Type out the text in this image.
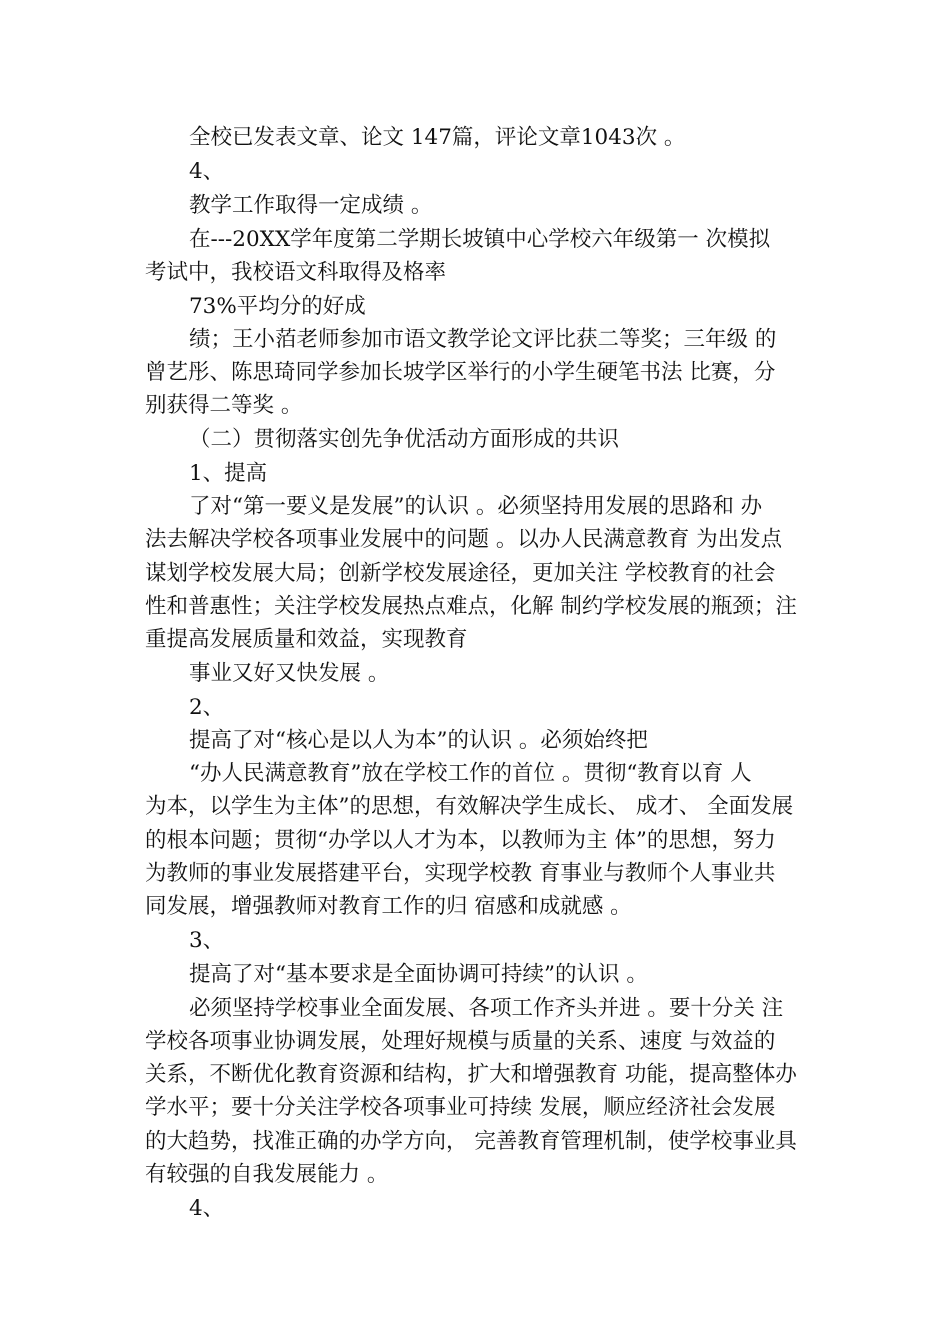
全校已发表文章、论文 147篇，评论文章1043次 。
4、
教学工作取得一定成绩 。
在---20XX学年度第二学期长坡镇中心学校六年级第一 次模拟
考试中，我校语文科取得及格率
73%平均分的好成
绩；王小萡老师参加市语文教学论文评比获二等奖；三年级 的
曾艺彤、陈思琦同学参加长坡学区举行的小学生硬笔书法 比赛，分
别获得二等奖 。
（二）贯彻落实创先争优活动方面形成的共识
1、提高
了对“第一要义是发展”的认识 。必须坚持用发展的思路和 办
法去解决学校各项事业发展中的问题 。以办人民满意教育 为出发点
谋划学校发展大局；创新学校发展途径，更加关注 学校教育的社会
性和普惠性；关注学校发展热点难点，化解 制约学校发展的瓶颈；注
重提高发展质量和效益，实现教育
事业又好又快发展 。
2、
提高了对“核心是以人为本”的认识 。必须始终把
“办人民满意教育”放在学校工作的首位 。贯彻“教育以育 人
为本，以学生为主体”的思想，有效解决学生成长、 成才、 全面发展
的根本问题；贯彻“办学以人才为本，以教师为主 体”的思想，努力
为教师的事业发展搭建平台，实现学校教 育事业与教师个人事业共
同发展，增强教师对教育工作的归 宿感和成就感 。
3、
提高了对“基本要求是全面协调可持续”的认识 。
必须坚持学校事业全面发展、各项工作齐头并进 。要十分关 注
学校各项事业协调发展，处理好规模与质量的关系、速度 与效益的
关系，不断优化教育资源和结构，扩大和增强教育 功能，提高整体办
学水平；要十分关注学校各项事业可持续 发展，顺应经济社会发展
的大趋势，找准正确的办学方向， 完善教育管理机制，使学校事业具
有较强的自我发展能力 。
4、
